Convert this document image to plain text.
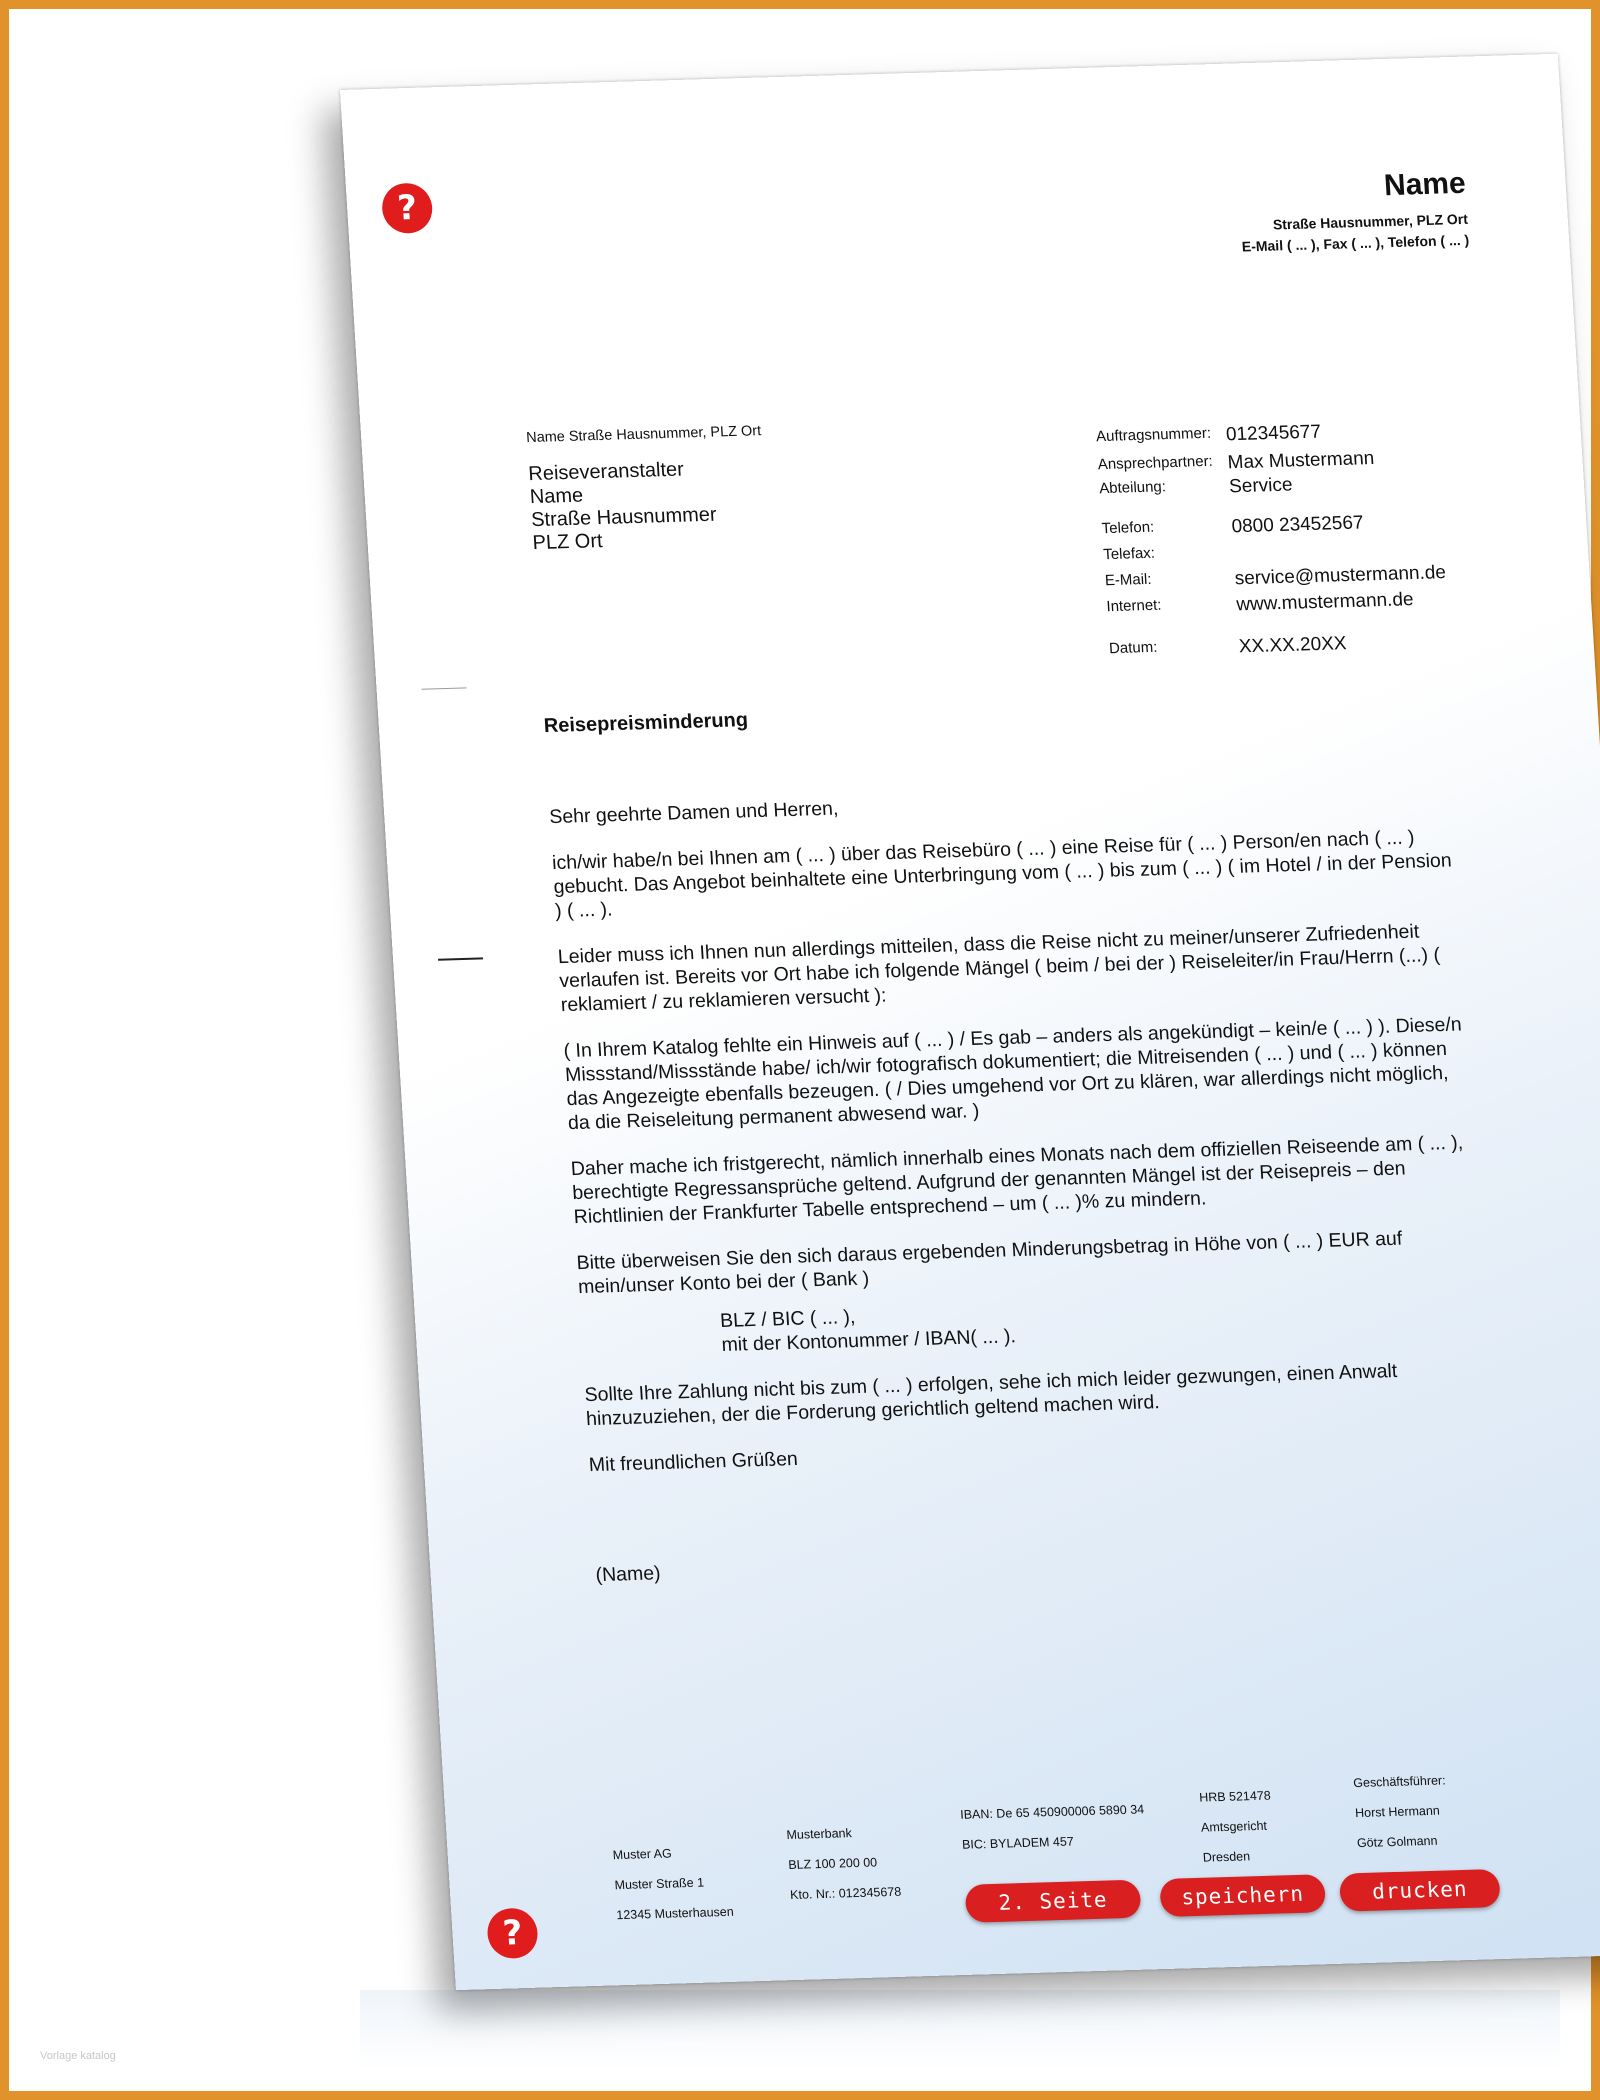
?
Name
Straße Hausnummer, PLZ Ort
E-Mail ( ... ), Fax ( ... ), Telefon ( ... )
Name Straße Hausnummer, PLZ Ort
Reiseveranstalter
Name
Straße Hausnummer
PLZ Ort
Auftragsnummer: 012345677
Ansprechpartner: Max Mustermann
Abteilung:	Service
Telefon:	0800 23452567
Telefax:
E-Mail:	service@mustermann.de
Internet:	www.mustermann.de
Datum:	XX.XX.20XX
Reisepreisminderung
Sehr geehrte Damen und Herren,
ich/wir habe/n bei Ihnen am ( ... ) über das Reisebüro ( ... ) eine Reise für ( ... ) Person/en nach ( ... ) gebucht. Das Angebot beinhaltete eine Unterbringung vom ( ... ) bis zum ( ... ) ( im Hotel / in der Pension ) ( ... ).
Leider muss ich Ihnen nun allerdings mitteilen, dass die Reise nicht zu meiner/unserer Zufriedenheit verlaufen ist. Bereits vor Ort habe ich folgende Mängel ( beim / bei der ) Reiseleiter/in Frau/Herrn (...) ( reklamiert / zu reklamieren versucht ):
( In Ihrem Katalog fehlte ein Hinweis auf ( ... ) / Es gab – anders als angekündigt – kein/e ( ... ) ). Diese/n Missstand/Missstände habe/ ich/wir fotografisch dokumentiert; die Mitreisenden ( ... ) und ( ... ) können das Angezeigte ebenfalls bezeugen. ( / Dies umgehend vor Ort zu klären, war allerdings nicht möglich, da die Reiseleitung permanent abwesend war. )
Daher mache ich fristgerecht, nämlich innerhalb eines Monats nach dem offiziellen Reiseende am ( ... ), berechtigte Regressansprüche geltend. Aufgrund der genannten Mängel ist der Reisepreis – den Richtlinien der Frankfurter Tabelle entsprechend – um ( ... )% zu mindern.
Bitte überweisen Sie den sich daraus ergebenden Minderungsbetrag in Höhe von ( ... ) EUR auf mein/unser Konto bei der ( Bank )
BLZ / BIC ( ... ),
mit der Kontonummer / IBAN( ... ).
Sollte Ihre Zahlung nicht bis zum ( ... ) erfolgen, sehe ich mich leider gezwungen, einen Anwalt hinzuzuziehen, der die Forderung gerichtlich geltend machen wird.
Mit freundlichen Grüßen
(Name)
Muster AG
Muster Straße 1
12345 Musterhausen
Musterbank
BLZ 100 200 00
Kto. Nr.: 012345678
IBAN: De 65 450900006 5890 34
BIC: BYLADEM 457
HRB 521478
Amtsgericht
Dresden
Geschäftsführer:
Horst Hermann
Götz Golmann
2. Seite	speichern	drucken
?
Vorlage katalog
